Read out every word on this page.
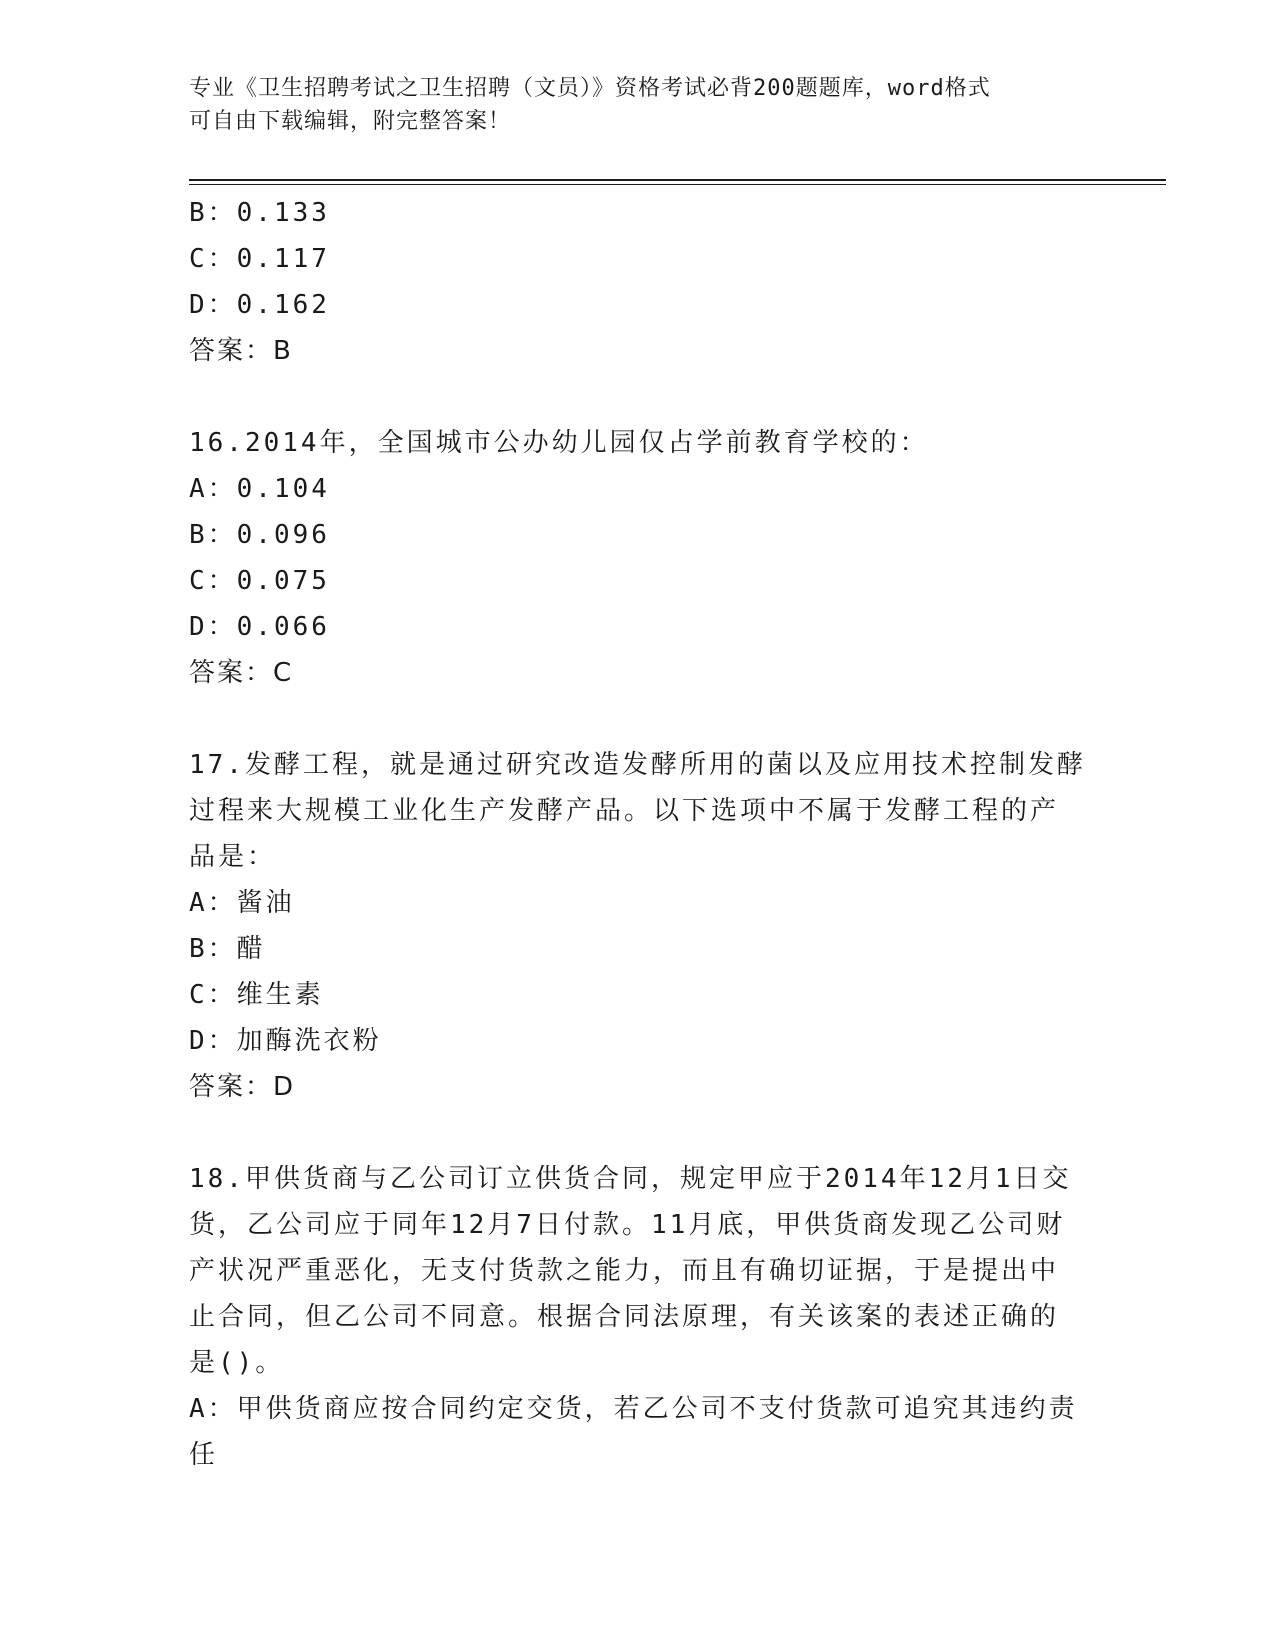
专业《卫生招聘考试之卫生招聘（文员）》资格考试必背200题题库，word格式
可自由下载编辑，附完整答案！
B：0.133
C：0.117
D：0.162
答案：B
16.2014年，全国城市公办幼儿园仅占学前教育学校的：
A：0.104
B：0.096
C：0.075
D：0.066
答案：C
17.发酵工程，就是通过研究改造发酵所用的菌以及应用技术控制发酵
过程来大规模工业化生产发酵产品。以下选项中不属于发酵工程的产
品是：
A：酱油
B：醋
C：维生素
D：加酶洗衣粉
答案：D
18.甲供货商与乙公司订立供货合同，规定甲应于2014年12月1日交
货，乙公司应于同年12月7日付款。11月底，甲供货商发现乙公司财
产状况严重恶化，无支付货款之能力，而且有确切证据，于是提出中
止合同，但乙公司不同意。根据合同法原理，有关该案的表述正确的
是()。
A：甲供货商应按合同约定交货，若乙公司不支付货款可追究其违约责
任
